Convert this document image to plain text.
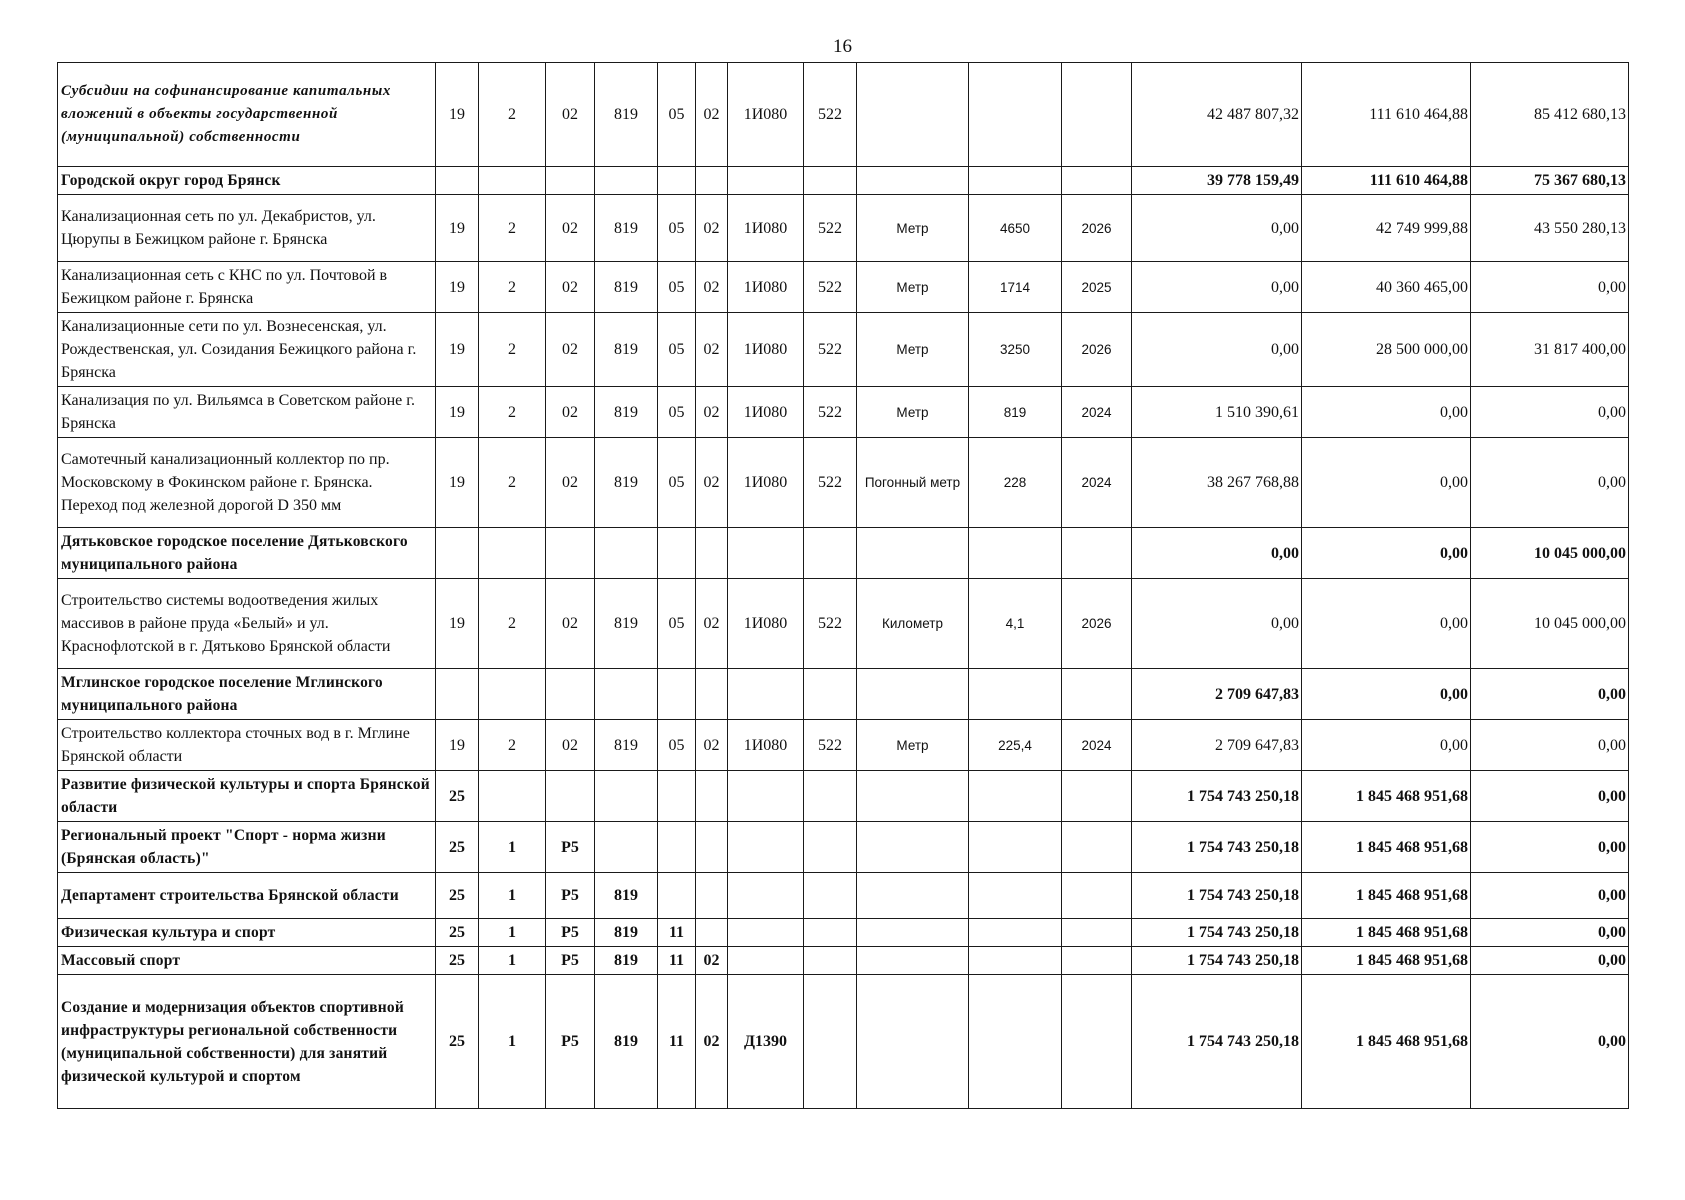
16
Субсидии на софинансирование капитальных вложений в объекты государственной (муниципальной) собственности	19	2	02	819	05	02	1И080	522				42 487 807,32	111 610 464,88	85 412 680,13
Городской округ город Брянск												39 778 159,49	111 610 464,88	75 367 680,13
Канализационная сеть по ул. Декабристов, ул. Цюрупы в Бежицком районе г. Брянска	19	2	02	819	05	02	1И080	522	Метр	4650	2026	0,00	42 749 999,88	43 550 280,13
Канализационная сеть с КНС по ул. Почтовой в Бежицком районе г. Брянска	19	2	02	819	05	02	1И080	522	Метр	1714	2025	0,00	40 360 465,00	0,00
Канализационные сети по ул. Вознесенская, ул. Рождественская, ул. Созидания Бежицкого района г. Брянска	19	2	02	819	05	02	1И080	522	Метр	3250	2026	0,00	28 500 000,00	31 817 400,00
Канализация по ул. Вильямса в Советском районе г. Брянска	19	2	02	819	05	02	1И080	522	Метр	819	2024	1 510 390,61	0,00	0,00
Самотечный канализационный коллектор по пр. Московскому в Фокинском районе г. Брянска. Переход под железной дорогой D 350 мм	19	2	02	819	05	02	1И080	522	Погонный метр	228	2024	38 267 768,88	0,00	0,00
Дятьковское городское поселение Дятьковского муниципального района												0,00	0,00	10 045 000,00
Строительство системы водоотведения жилых массивов в районе пруда «Белый» и ул. Краснофлотской в г. Дятьково Брянской области	19	2	02	819	05	02	1И080	522	Километр	4,1	2026	0,00	0,00	10 045 000,00
Мглинское городское поселение Мглинского муниципального района												2 709 647,83	0,00	0,00
Строительство коллектора сточных вод в г. Мглине Брянской области	19	2	02	819	05	02	1И080	522	Метр	225,4	2024	2 709 647,83	0,00	0,00
Развитие физической культуры и спорта Брянской области	25											1 754 743 250,18	1 845 468 951,68	0,00
Региональный проект "Спорт - норма жизни (Брянская область)"	25	1	P5									1 754 743 250,18	1 845 468 951,68	0,00
Департамент строительства Брянской области	25	1	P5	819								1 754 743 250,18	1 845 468 951,68	0,00
Физическая культура и спорт	25	1	P5	819	11							1 754 743 250,18	1 845 468 951,68	0,00
Массовый спорт	25	1	P5	819	11	02						1 754 743 250,18	1 845 468 951,68	0,00
Создание и модернизация объектов спортивной инфраструктуры региональной собственности (муниципальной собственности) для занятий физической культурой и спортом	25	1	P5	819	11	02	Д1390					1 754 743 250,18	1 845 468 951,68	0,00
